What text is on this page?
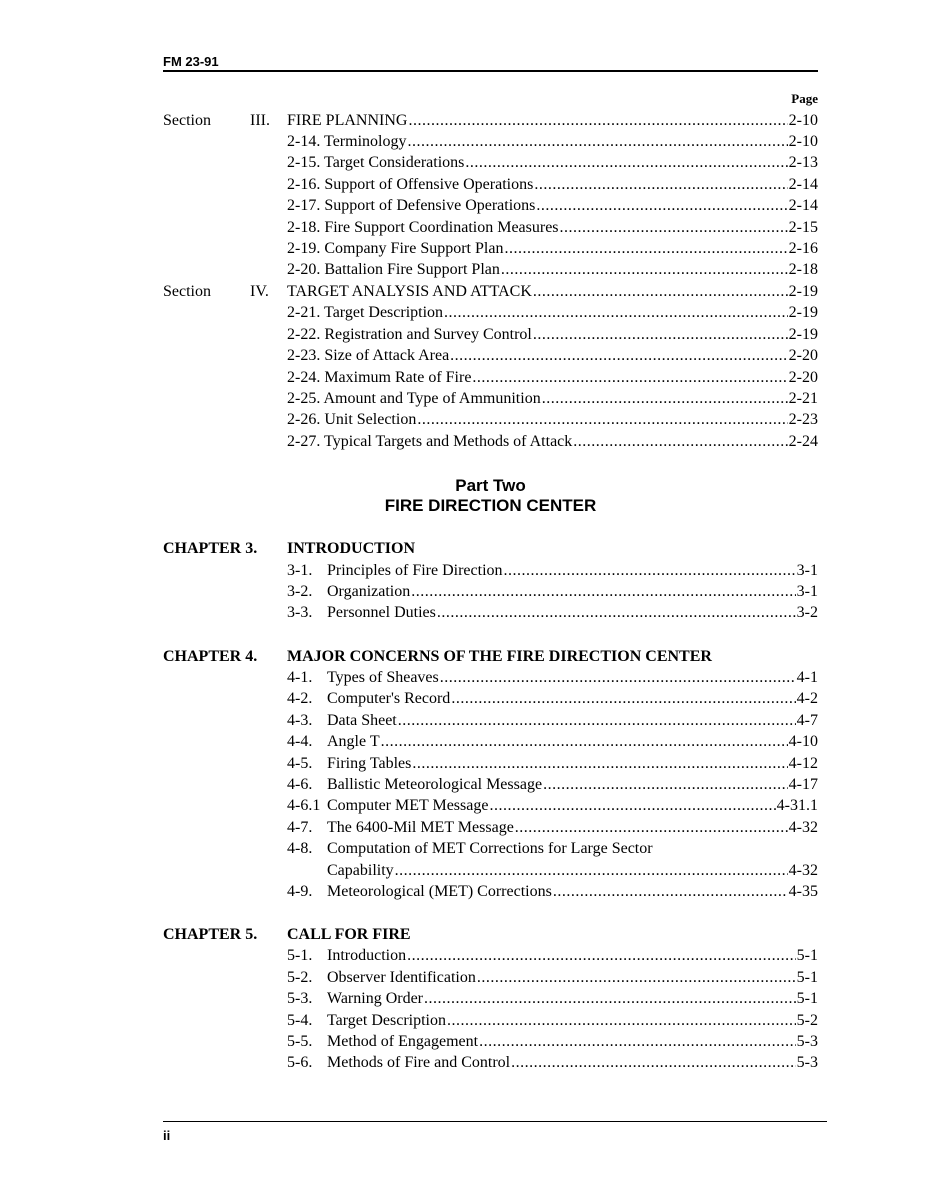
FM 23-91
Page
Section III. FIRE PLANNING .....	2-10
2-14. Terminology .....	2-10
2-15. Target Considerations .....	2-13
2-16. Support of Offensive Operations .....	2-14
2-17. Support of Defensive Operations .....	2-14
2-18. Fire Support Coordination Measures .....	2-15
2-19. Company Fire Support Plan .....	2-16
2-20. Battalion Fire Support Plan .....	2-18
Section IV. TARGET ANALYSIS AND ATTACK .....	2-19
2-21. Target Description .....	2-19
2-22. Registration and Survey Control .....	2-19
2-23. Size of Attack Area .....	2-20
2-24. Maximum Rate of Fire .....	2-20
2-25. Amount and Type of Ammunition .....	2-21
2-26. Unit Selection .....	2-23
2-27. Typical Targets and Methods of Attack .....	2-24
Part Two
FIRE DIRECTION CENTER
CHAPTER 3. INTRODUCTION
3-1. Principles of Fire Direction .....	3-1
3-2. Organization .....	3-1
3-3. Personnel Duties .....	3-2
CHAPTER 4. MAJOR CONCERNS OF THE FIRE DIRECTION CENTER
4-1. Types of Sheaves .....	4-1
4-2. Computer's Record .....	4-2
4-3. Data Sheet .....	4-7
4-4. Angle T .....	4-10
4-5. Firing Tables .....	4-12
4-6. Ballistic Meteorological Message .....	4-17
4-6.1 Computer MET Message .....	4-31.1
4-7. The 6400-Mil MET Message .....	4-32
4-8. Computation of MET Corrections for Large Sector
Capability .....	4-32
4-9. Meteorological (MET) Corrections .....	4-35
CHAPTER 5. CALL FOR FIRE
5-1. Introduction .....	5-1
5-2. Observer Identification .....	5-1
5-3. Warning Order .....	5-1
5-4. Target Description .....	5-2
5-5. Method of Engagement .....	5-3
5-6. Methods of Fire and Control .....	5-3
ii
